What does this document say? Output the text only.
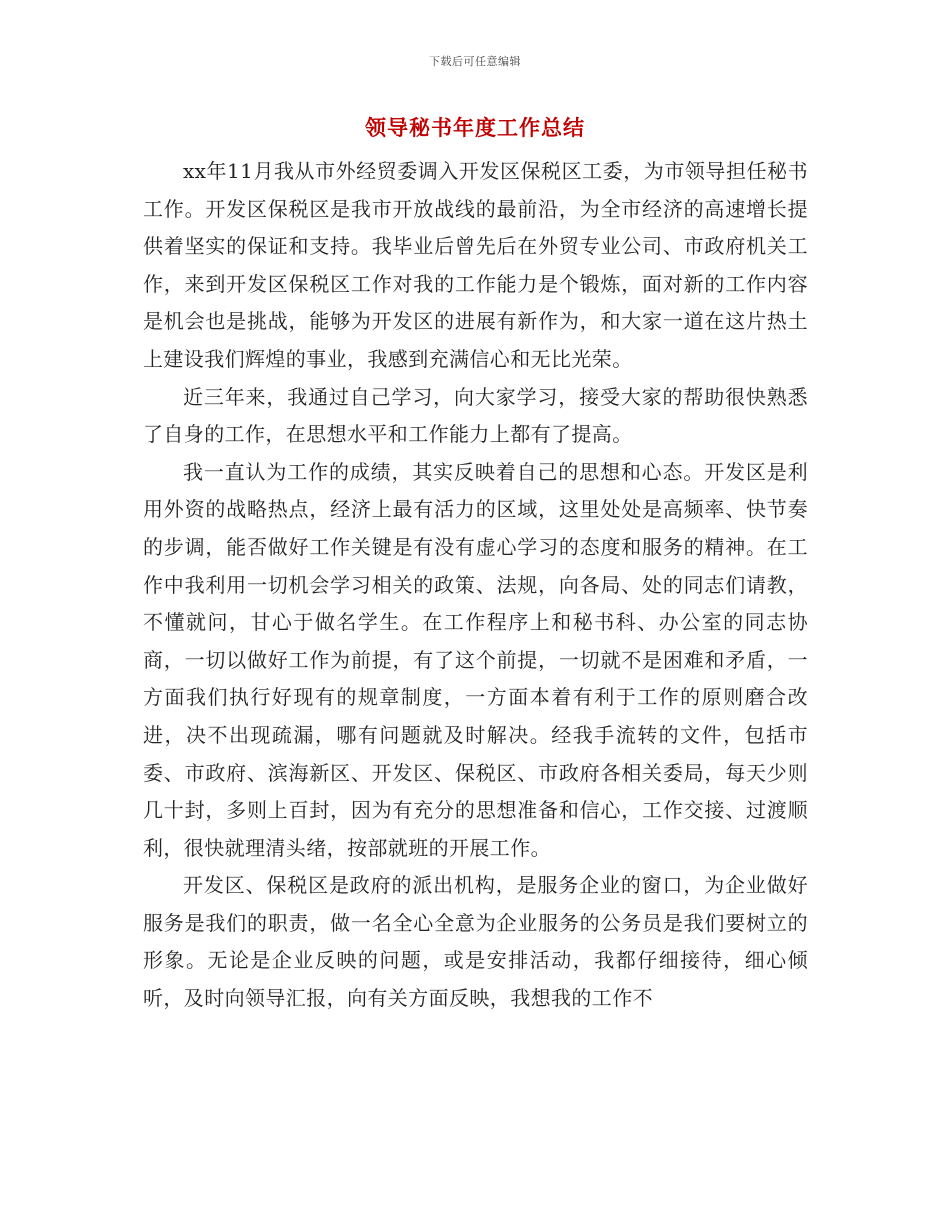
下载后可任意编辑
领导秘书年度工作总结

xx年11月我从市外经贸委调入开发区保税区工委，为市领导担任秘书工作。开发区保税区是我市开放战线的最前沿，为全市经济的高速增长提供着坚实的保证和支持。我毕业后曾先后在外贸专业公司、市政府机关工作，来到开发区保税区工作对我的工作能力是个锻炼，面对新的工作内容是机会也是挑战，能够为开发区的进展有新作为，和大家一道在这片热土上建设我们辉煌的事业，我感到充满信心和无比光荣。

近三年来，我通过自己学习，向大家学习，接受大家的帮助很快熟悉了自身的工作，在思想水平和工作能力上都有了提高。

我一直认为工作的成绩，其实反映着自己的思想和心态。开发区是利用外资的战略热点，经济上最有活力的区域，这里处处是高频率、快节奏的步调，能否做好工作关键是有没有虚心学习的态度和服务的精神。在工作中我利用一切机会学习相关的政策、法规，向各局、处的同志们请教，不懂就问，甘心于做名学生。在工作程序上和秘书科、办公室的同志协商，一切以做好工作为前提，有了这个前提，一切就不是困难和矛盾，一方面我们执行好现有的规章制度，一方面本着有利于工作的原则磨合改进，决不出现疏漏，哪有问题就及时解决。经我手流转的文件，包括市委、市政府、滨海新区、开发区、保税区、市政府各相关委局，每天少则几十封，多则上百封，因为有充分的思想准备和信心，工作交接、过渡顺利，很快就理清头绪，按部就班的开展工作。

开发区、保税区是政府的派出机构，是服务企业的窗口，为企业做好服务是我们的职责，做一名全心全意为企业服务的公务员是我们要树立的形象。无论是企业反映的问题，或是安排活动，我都仔细接待，细心倾听，及时向领导汇报，向有关方面反映，我想我的工作不
